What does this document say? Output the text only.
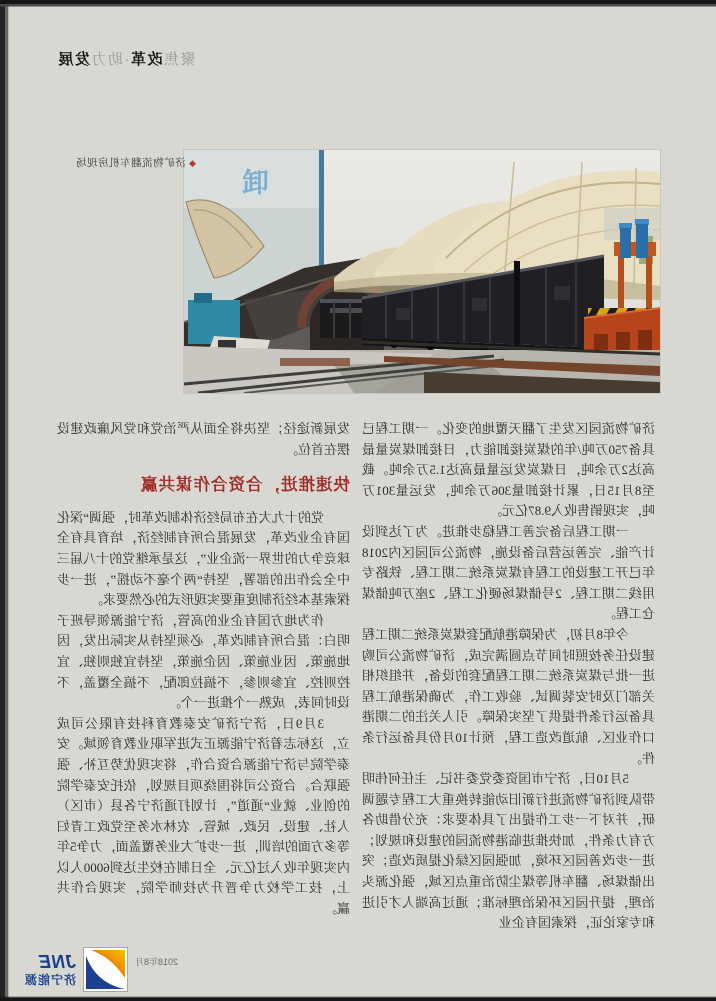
聚焦改革·助力发展
卸
◆济矿物流翻车机房现场

济矿物流园区发生了翻天覆地的变化。一期工程已具备750万吨/年的煤炭接卸能力，日接卸煤炭量最高达2万余吨，日煤炭发运量最高达1.5万余吨。截至8月15日，累计接卸量306万余吨，发运量301万吨，实现销售收入9.87亿元。

一期工程后备完善工程稳步推进。为了达到设计产能、完善运营后备设施，物流公司园区内2018年已开工建设的工程有煤炭系统二期工程、铁路专用线二期工程、2号储煤场硬化工程、2座万吨储煤仓工程。

今年8月初，为保障港航配套煤炭系统二期工程建设任务按照时间节点圆满完成，济矿物流公司购进一批与煤炭系统二期工程配套的设备，并组织相关部门及时安装调试、验收工作，为确保港航工程具备运行条件提供了坚实保障。引人关注的二期港口作业区、航道改造工程，预计10月份具备运行条件。

5月10日，济宁市国资委党委书记、主任何伟明带队到济矿物流进行新旧动能转换重大工程专题调研，并对下一步工作提出了具体要求：充分借助各方有力条件，加快推进临港物流园的建设和规划；进一步改善园区环境，加强园区绿化提质改造；突出储煤场、翻车机等煤尘防治重点区域，强化源头治理，提升园区环保治理标准；通过高端人才引进和专家论证，探索国有企业

发展新途径；坚决将全面从严治党和党风廉政建设摆在首位。

快速推进，合资合作谋共赢

党的十九大在布局经济体制改革时，强调“深化国有企业改革，发展混合所有制经济，培育具有全球竞争力的世界一流企业”，这是承继党的十八届三中全会作出的部署，坚持“两个毫不动摇”，进一步探索基本经济制度重要实现形式的必然要求。

作为地方国有企业的高管，济宁能源领导班子明白：混合所有制改革，必须坚持从实际出发，因地施策、因业施策、因企施策，坚持宜独则独、宜控则控、宜参则参，不搞拉郎配，不搞全覆盖，不设时间表，成熟一个推进一个。

3月9日，济宁济矿安泰教育科技有限公司成立，这标志着济宁能源正式进军职业教育领域。安泰学院与济宁能源合资合作，将实现优势互补、强强联合。合资公司将围绕项目规划，依托安泰学院的创业、就业“通道”，计划打通济宁各县（市区）人社、建设、民政、城管、农林水务至党政工青妇等多方面的培训，进一步扩大业务覆盖面，力争5年内实现年收入过亿元、全日制在校生达到6000人以上，技工学校力争晋升为技师学院，实现合作共赢。

2018年8月
JNE
济宁能源
